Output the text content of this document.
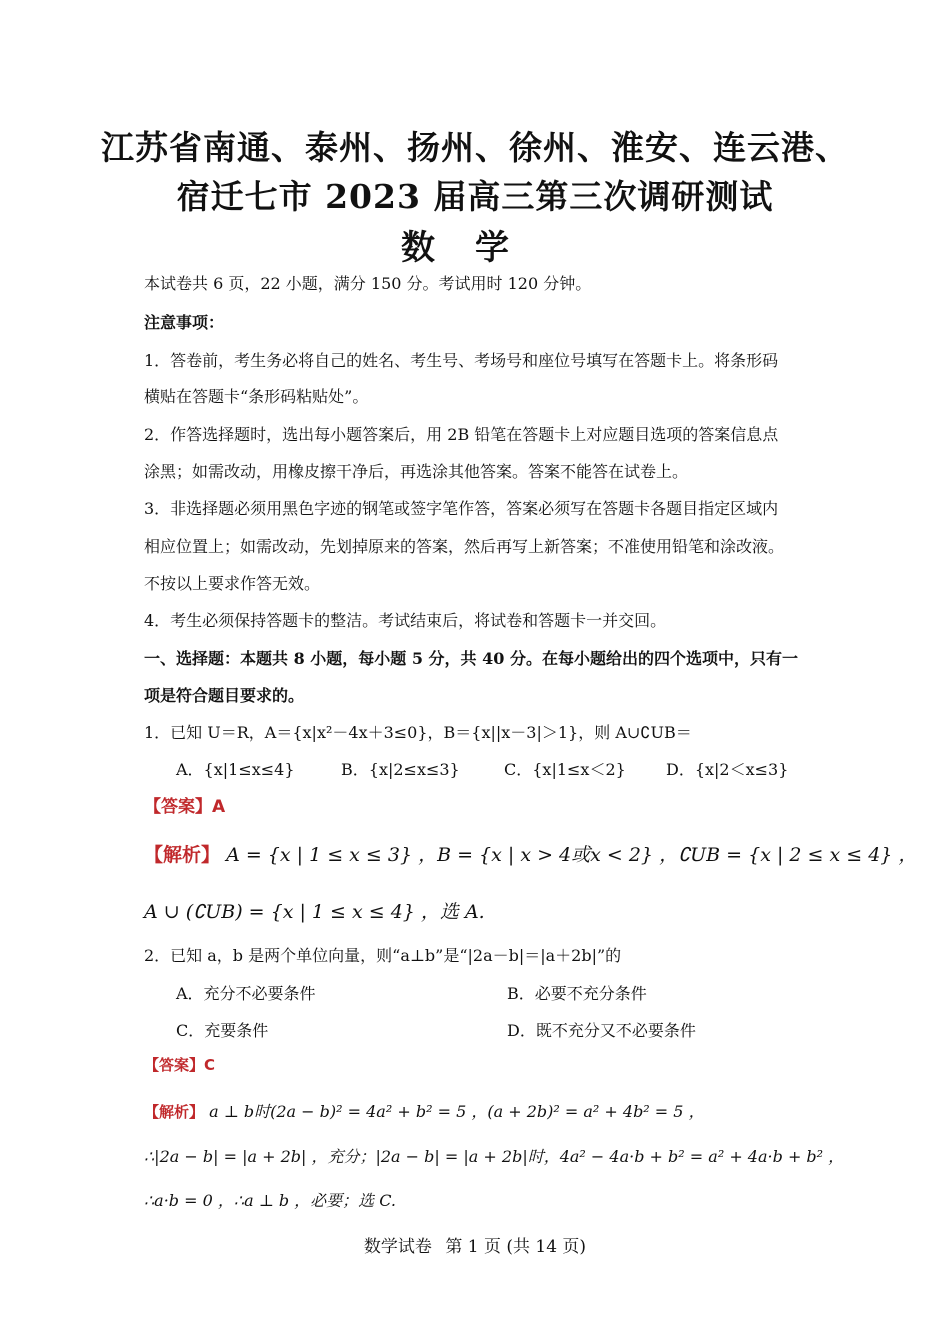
江苏省南通、泰州、扬州、徐州、淮安、连云港、
宿迁七市 2023 届高三第三次调研测试
数学
本试卷共 6 页，22 小题，满分 150 分。考试用时 120 分钟。
注意事项：
1．答卷前，考生务必将自己的姓名、考生号、考场号和座位号填写在答题卡上。将条形码
横贴在答题卡“条形码粘贴处”。
2．作答选择题时，选出每小题答案后，用 2B 铅笔在答题卡上对应题目选项的答案信息点
涂黑；如需改动，用橡皮擦干净后，再选涂其他答案。答案不能答在试卷上。
3．非选择题必须用黑色字迹的钢笔或签字笔作答，答案必须写在答题卡各题目指定区域内
相应位置上；如需改动，先划掉原来的答案，然后再写上新答案；不准使用铅笔和涂改液。
不按以上要求作答无效。
4．考生必须保持答题卡的整洁。考试结束后，将试卷和答题卡一并交回。
一、选择题：本题共 8 小题，每小题 5 分，共 40 分。在每小题给出的四个选项中，只有一
项是符合题目要求的。
1．已知 U＝R，A＝{x|x²－4x＋3≤0}，B＝{x||x－3|＞1}，则 A∪∁UB＝
A．{x|1≤x≤4}	B．{x|2≤x≤3}	C．{x|1≤x＜2}	D．{x|2＜x≤3}
【答案】A
【解析】 A = {x | 1 ≤ x ≤ 3} ，B = {x | x > 4或x < 2} ，∁UB = {x | 2 ≤ x ≤ 4} ，
A ∪ (∁UB) = {x | 1 ≤ x ≤ 4} ，选 A.
2．已知 a，b 是两个单位向量，则“a⊥b”是“|2a－b|＝|a＋2b|”的
A．充分不必要条件	B．必要不充分条件
C．充要条件	D．既不充分又不必要条件
【答案】C
【解析】 a ⊥ b时(2a − b)² = 4a² + b² = 5 ，(a + 2b)² = a² + 4b² = 5 ，
∴|2a − b| = |a + 2b| ，充分；|2a − b| = |a + 2b|时，4a² − 4a·b + b² = a² + 4a·b + b² ，
∴a·b = 0 ，∴a ⊥ b ，必要；选 C.
数学试卷 第 1 页 (共 14 页)
